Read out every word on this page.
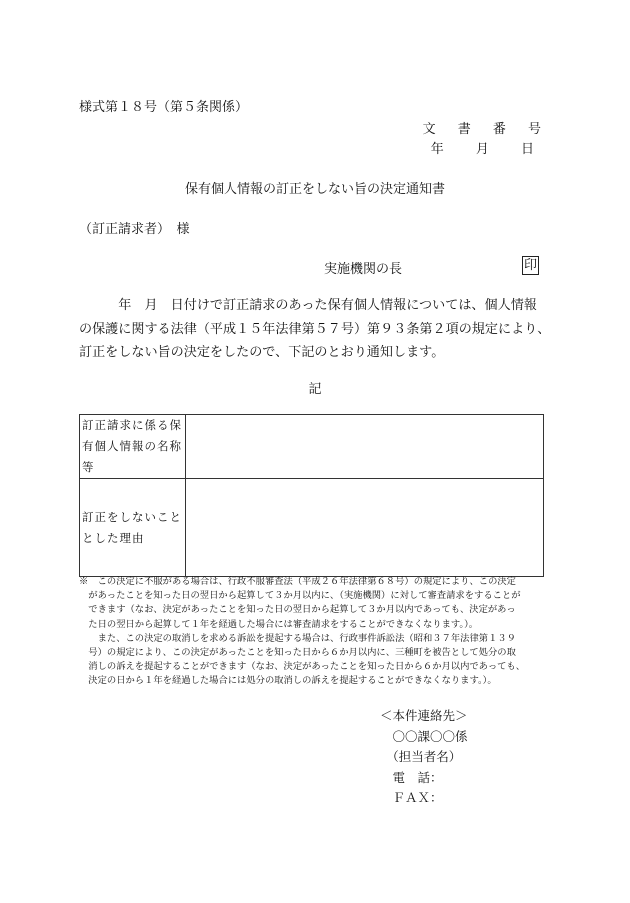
様式第１８号（第５条関係）
文 書 番 号
年 月 日
保有個人情報の訂正をしない旨の決定通知書
（訂正請求者）　様
実施機関の長	印
　　　年　月　日付けで訂正請求のあった保有個人情報については、個人情報
の保護に関する法律（平成１５年法律第５７号）第９３条第２項の規定により、
訂正をしない旨の決定をしたので、下記のとおり通知します。
記
訂正請求に係る保
有個人情報の名称
等	

訂正をしないこと
とした理由	

※　この決定に不服がある場合は、行政不服審査法（平成２６年法律第６８号）の規定により、この決定
　があったことを知った日の翌日から起算して３か月以内に、（実施機関）に対して審査請求をすることが
　できます（なお、決定があったことを知った日の翌日から起算して３か月以内であっても、決定があっ
　た日の翌日から起算して１年を経過した場合には審査請求をすることができなくなります。）。
　　また、この決定の取消しを求める訴訟を提起する場合は、行政事件訴訟法（昭和３７年法律第１３９
　号）の規定により、この決定があったことを知った日から６か月以内に、三種町を被告として処分の取
　消しの訴えを提起することができます（なお、決定があったことを知った日から６か月以内であっても、
　決定の日から１年を経過した場合には処分の取消しの訴えを提起することができなくなります。）。
＜本件連絡先＞
　〇〇課〇〇係
　（担当者名）
　電　話：
　ＦＡＸ：
